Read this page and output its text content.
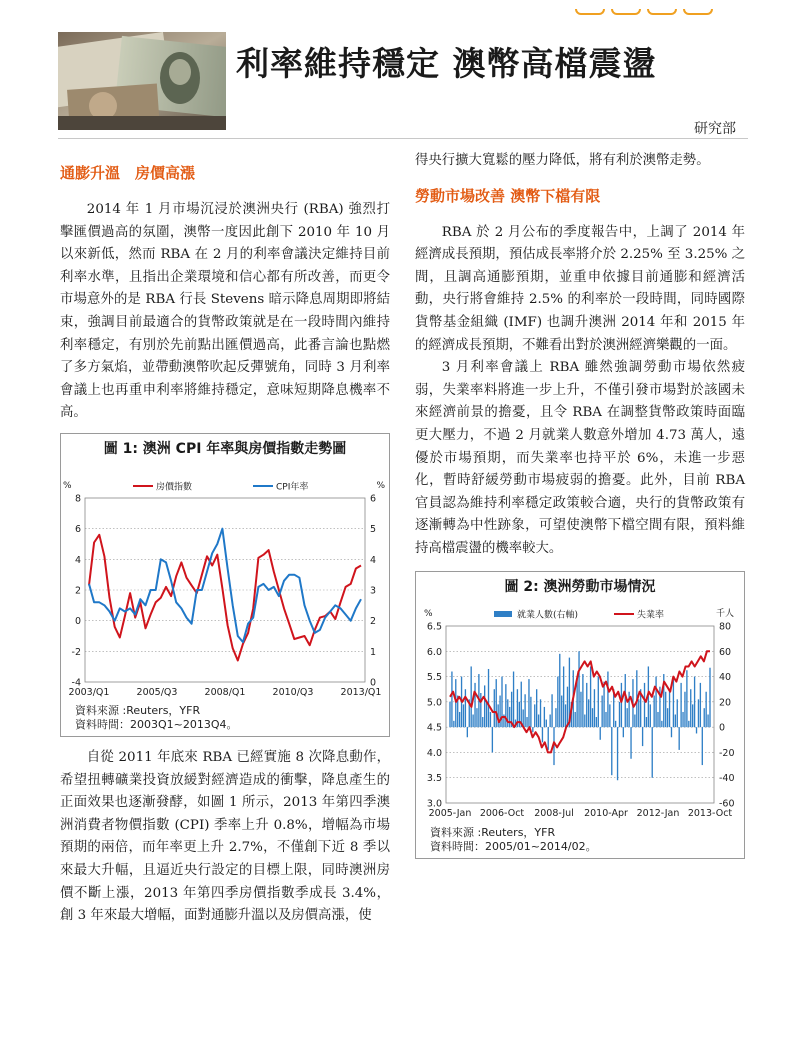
利率維持穩定 澳幣高檔震盪
研究部
通膨升溫　房價高漲

2014 年 1 月市場沉浸於澳洲央行 (RBA) 強烈打擊匯價過高的氛圍，澳幣一度因此創下 2010 年 10 月以來新低，然而 RBA 在 2 月的利率會議決定維持目前利率水準，且指出企業環境和信心都有所改善，而更令市場意外的是 RBA 行長 Stevens 暗示降息周期即將結束，強調目前最適合的貨幣政策就是在一段時間內維持利率穩定，有別於先前點出匯價過高，此番言論也點燃了多方氣焰，並帶動澳幣吹起反彈號角，同時 3 月利率會議上也再重申利率將維持穩定，意味短期降息機率不高。

圖 1: 澳洲 CPI 年率與房價指數走勢圖
8
6
4
2
0
-2
-4
6
5
4
3
2
1
0
%	%
2003/Q1	2005/Q3	2008/Q1	2010/Q3	2013/Q1
房價指數	CPI年率
資料來源 :Reuters，YFR
資料時間：2003Q1~2013Q4。

自從 2011 年底來 RBA 已經實施 8 次降息動作，希望扭轉礦業投資放緩對經濟造成的衝擊，降息產生的正面效果也逐漸發酵，如圖 1 所示，2013 年第四季澳洲消費者物價指數 (CPI) 季率上升 0.8%，增幅為市場預期的兩倍，而年率更上升 2.7%，不僅創下近 8 季以來最大升幅，且逼近央行設定的目標上限，同時澳洲房價不斷上漲，2013 年第四季房價指數季成長 3.4%，創 3 年來最大增幅，面對通膨升溫以及房價高漲，使

得央行擴大寬鬆的壓力降低，將有利於澳幣走勢。

勞動市場改善 澳幣下檔有限

RBA 於 2 月公布的季度報告中，上調了 2014 年經濟成長預期，預估成長率將介於 2.25% 至 3.25% 之間，且調高通膨預期，並重申依據目前通膨和經濟活動，央行將會維持 2.5% 的利率於一段時間，同時國際貨幣基金組織 (IMF) 也調升澳洲 2014 年和 2015 年的經濟成長預期，不難看出對於澳洲經濟樂觀的一面。

3 月利率會議上 RBA 雖然強調勞動市場依然疲弱，失業率料將進一步上升，不僅引發市場對於該國未來經濟前景的擔憂，且令 RBA 在調整貨幣政策時面臨更大壓力，不過 2 月就業人數意外增加 4.73 萬人，遠優於市場預期，而失業率也持平於 6%，未進一步惡化，暫時舒緩勞動市場疲弱的擔憂。此外，目前 RBA 官員認為維持利率穩定政策較合適，央行的貨幣政策有逐漸轉為中性跡象，可望使澳幣下檔空間有限，預料維持高檔震盪的機率較大。

圖 2: 澳洲勞動市場情況
6.5
6.0
5.5
5.0
4.5
4.0
3.5
3.0
80
60
40
20
0
-20
-40
-60
%	千人
2005-Jan 2006-Oct 2008-Jul 2010-Apr 2012-Jan 2013-Oct
就業人數(右軸)	失業率
資料來源 :Reuters，YFR
資料時間：2005/01~2014/02。
